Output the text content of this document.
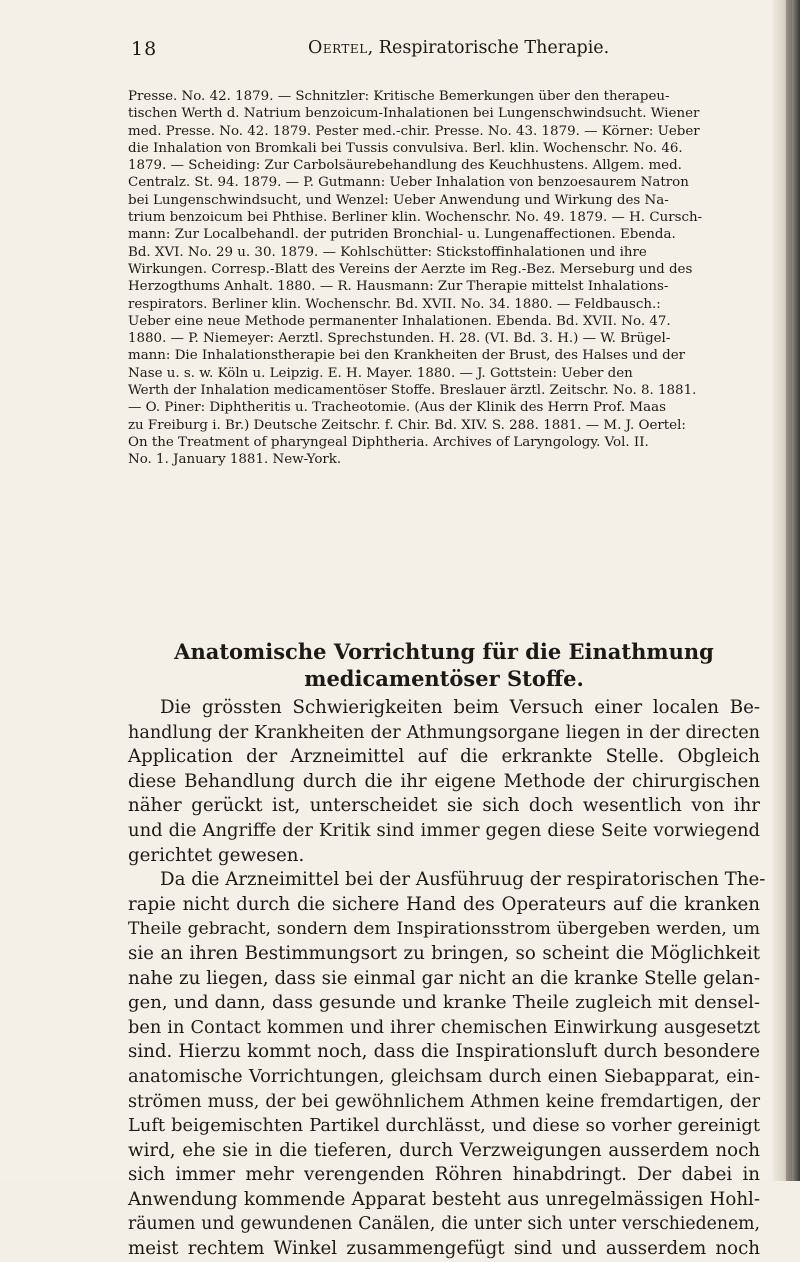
18	Oertel, Respiratorische Therapie.

Presse. No. 42. 1879. — Schnitzler: Kritische Bemerkungen über den therapeu-

tischen Werth d. Natrium benzoicum-Inhalationen bei Lungenschwindsucht. Wiener

med. Presse. No. 42. 1879. Pester med.-chir. Presse. No. 43. 1879. — Körner: Ueber

die Inhalation von Bromkali bei Tussis convulsiva. Berl. klin. Wochenschr. No. 46.

1879. — Scheiding: Zur Carbolsäurebehandlung des Keuchhustens. Allgem. med.

Centralz. St. 94. 1879. — P. Gutmann: Ueber Inhalation von benzoesaurem Natron

bei Lungenschwindsucht, und Wenzel: Ueber Anwendung und Wirkung des Na-

trium benzoicum bei Phthise. Berliner klin. Wochenschr. No. 49. 1879. — H. Cursch-

mann: Zur Localbehandl. der putriden Bronchial- u. Lungenaffectionen. Ebenda.

Bd. XVI. No. 29 u. 30. 1879. — Kohlschütter: Stickstoffinhalationen und ihre

Wirkungen. Corresp.-Blatt des Vereins der Aerzte im Reg.-Bez. Merseburg und des

Herzogthums Anhalt. 1880. — R. Hausmann: Zur Therapie mittelst Inhalations-

respirators. Berliner klin. Wochenschr. Bd. XVII. No. 34. 1880. — Feldbausch.:

Ueber eine neue Methode permanenter Inhalationen. Ebenda. Bd. XVII. No. 47.

1880. — P. Niemeyer: Aerztl. Sprechstunden. H. 28. (VI. Bd. 3. H.) — W. Brügel-

mann: Die Inhalationstherapie bei den Krankheiten der Brust, des Halses und der

Nase u. s. w. Köln u. Leipzig. E. H. Mayer. 1880. — J. Gottstein: Ueber den

Werth der Inhalation medicamentöser Stoffe. Breslauer ärztl. Zeitschr. No. 8. 1881.

— O. Piner: Diphtheritis u. Tracheotomie. (Aus der Klinik des Herrn Prof. Maas

zu Freiburg i. Br.) Deutsche Zeitschr. f. Chir. Bd. XIV. S. 288. 1881. — M. J. Oertel:

On the Treatment of pharyngeal Diphtheria. Archives of Laryngology. Vol. II.

No. 1. January 1881. New-York.

Anatomische Vorrichtung für die Einathmung
medicamentöser Stoffe.
Die grössten Schwierigkeiten beim Versuch einer localen Be-
handlung der Krankheiten der Athmungsorgane liegen in der directen
Application der Arzneimittel auf die erkrankte Stelle. Obgleich
diese Behandlung durch die ihr eigene Methode der chirurgischen
näher gerückt ist, unterscheidet sie sich doch wesentlich von ihr
und die Angriffe der Kritik sind immer gegen diese Seite vorwiegend
gerichtet gewesen.
Da die Arzneimittel bei der Ausführuug der respiratorischen The-
rapie nicht durch die sichere Hand des Operateurs auf die kranken
Theile gebracht, sondern dem Inspirationsstrom übergeben werden, um
sie an ihren Bestimmungsort zu bringen, so scheint die Möglichkeit
nahe zu liegen, dass sie einmal gar nicht an die kranke Stelle gelan-
gen, und dann, dass gesunde und kranke Theile zugleich mit densel-
ben in Contact kommen und ihrer chemischen Einwirkung ausgesetzt
sind. Hierzu kommt noch, dass die Inspirationsluft durch besondere
anatomische Vorrichtungen, gleichsam durch einen Siebapparat, ein-
strömen muss, der bei gewöhnlichem Athmen keine fremdartigen, der
Luft beigemischten Partikel durchlässt, und diese so vorher gereinigt
wird, ehe sie in die tieferen, durch Verzweigungen ausserdem noch
sich immer mehr verengenden Röhren hinabdringt. Der dabei in
Anwendung kommende Apparat besteht aus unregelmässigen Hohl-
räumen und gewundenen Canälen, die unter sich unter verschiedenem,
meist rechtem Winkel zusammengefügt sind und ausserdem noch
